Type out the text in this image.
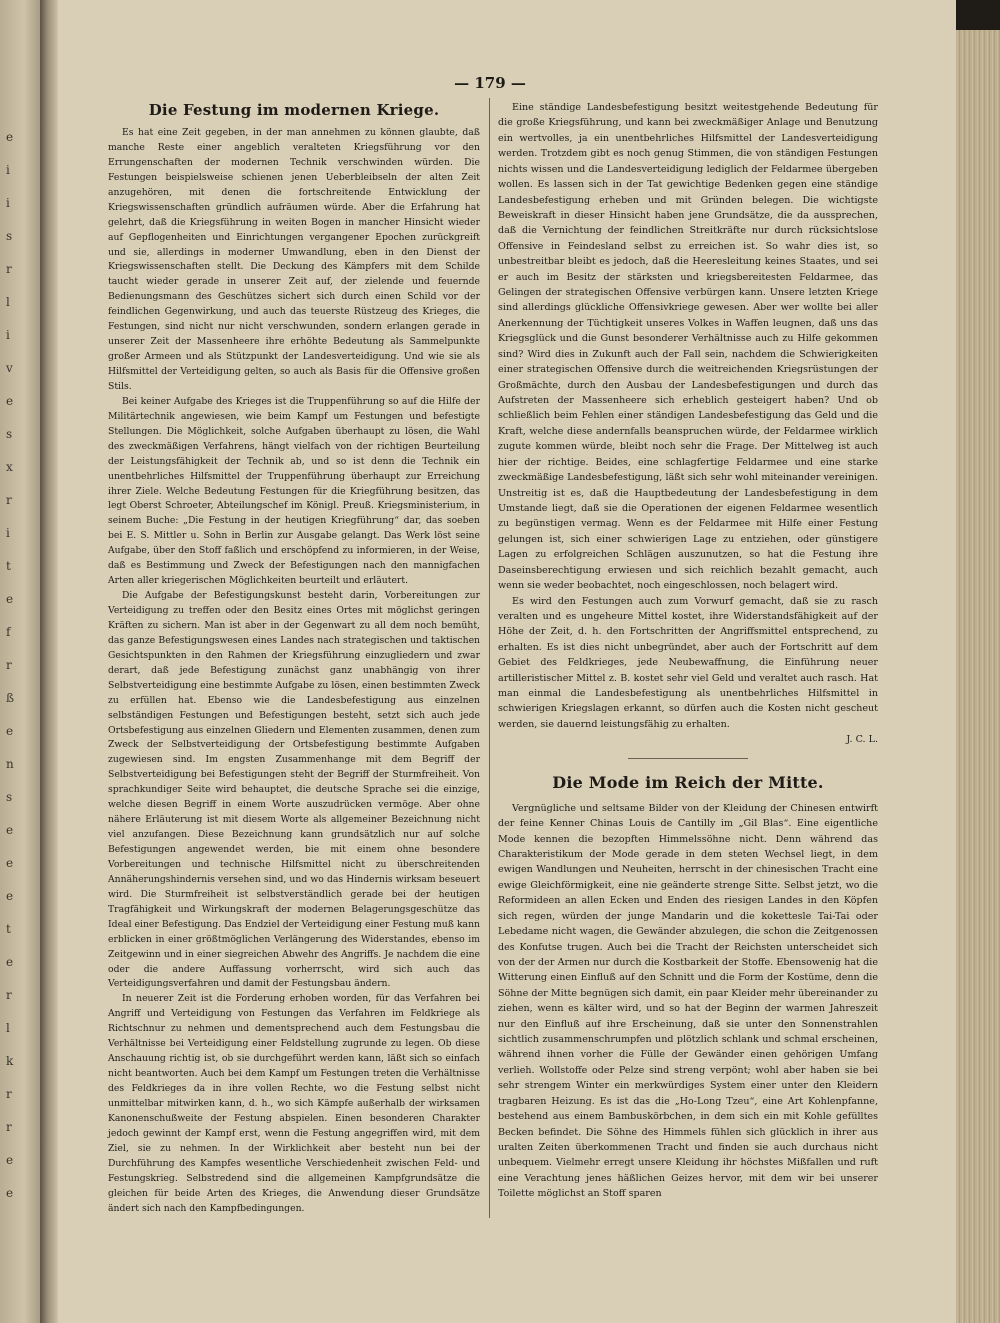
e
i
i
s
r
l
i
v
e
s
x
r
i
t
e
f
r
ß
e
n
s
e
e
e
t
e
r
l
k
r
r
e
e
— 179 —
Die Festung im modernen Kriege.

Es hat eine Zeit gegeben, in der man annehmen zu können glaubte, daß manche Reste einer angeblich veralteten Kriegsführung vor den Errungenschaften der modernen Technik verschwinden würden. Die Festungen beispielsweise schienen jenen Ueberbleibseln der alten Zeit anzugehören, mit denen die fortschreitende Entwicklung der Kriegswissenschaften gründlich aufräumen würde. Aber die Erfahrung hat gelehrt, daß die Kriegsführung in weiten Bogen in mancher Hinsicht wieder auf Gepflogenheiten und Einrichtungen vergangener Epochen zurückgreift und sie, allerdings in moderner Umwandlung, eben in den Dienst der Kriegswissenschaften stellt. Die Deckung des Kämpfers mit dem Schilde taucht wieder gerade in unserer Zeit auf, der zielende und feuernde Bedienungsmann des Geschützes sichert sich durch einen Schild vor der feindlichen Gegenwirkung, und auch das teuerste Rüstzeug des Krieges, die Festungen, sind nicht nur nicht verschwunden, sondern erlangen gerade in unserer Zeit der Massenheere ihre erhöhte Bedeutung als Sammelpunkte großer Armeen und als Stützpunkt der Landesverteidigung. Und wie sie als Hilfsmittel der Verteidigung gelten, so auch als Basis für die Offensive großen Stils.

Bei keiner Aufgabe des Krieges ist die Truppenführung so auf die Hilfe der Militärtechnik angewiesen, wie beim Kampf um Festungen und befestigte Stellungen. Die Möglichkeit, solche Aufgaben überhaupt zu lösen, die Wahl des zweckmäßigen Verfahrens, hängt vielfach von der richtigen Beurteilung der Leistungsfähigkeit der Technik ab, und so ist denn die Technik ein unentbehrliches Hilfsmittel der Truppenführung überhaupt zur Erreichung ihrer Ziele. Welche Bedeutung Festungen für die Kriegführung besitzen, das legt Oberst Schroeter, Abteilungschef im Königl. Preuß. Kriegsministerium, in seinem Buche: „Die Festung in der heutigen Kriegführung“ dar, das soeben bei E. S. Mittler u. Sohn in Berlin zur Ausgabe gelangt. Das Werk löst seine Aufgabe, über den Stoff faßlich und erschöpfend zu informieren, in der Weise, daß es Bestimmung und Zweck der Befestigungen nach den mannigfachen Arten aller kriegerischen Möglichkeiten beurteilt und erläutert.

Die Aufgabe der Befestigungskunst besteht darin, Vorbereitungen zur Verteidigung zu treffen oder den Besitz eines Ortes mit möglichst geringen Kräften zu sichern. Man ist aber in der Gegenwart zu all dem noch bemüht, das ganze Befestigungswesen eines Landes nach strategischen und taktischen Gesichtspunkten in den Rahmen der Kriegsführung einzugliedern und zwar derart, daß jede Befestigung zunächst ganz unabhängig von ihrer Selbstverteidigung eine bestimmte Aufgabe zu lösen, einen bestimmten Zweck zu erfüllen hat. Ebenso wie die Landesbefestigung aus einzelnen selbständigen Festungen und Befestigungen besteht, setzt sich auch jede Ortsbefestigung aus einzelnen Gliedern und Elementen zusammen, denen zum Zweck der Selbstverteidigung der Ortsbefestigung bestimmte Aufgaben zugewiesen sind. Im engsten Zusammenhange mit dem Begriff der Selbstverteidigung bei Befestigungen steht der Begriff der Sturmfreiheit. Von sprachkundiger Seite wird behauptet, die deutsche Sprache sei die einzige, welche diesen Begriff in einem Worte auszudrücken vermöge. Aber ohne nähere Erläuterung ist mit diesem Worte als allgemeiner Bezeichnung nicht viel anzufangen. Diese Bezeichnung kann grundsätzlich nur auf solche Befestigungen angewendet werden, bie mit einem ohne besondere Vorbereitungen und technische Hilfsmittel nicht zu überschreitenden Annäherungshindernis versehen sind, und wo das Hindernis wirksam beseuert wird. Die Sturmfreiheit ist selbstverständlich gerade bei der heutigen Tragfähigkeit und Wirkungskraft der modernen Belagerungsgeschütze das Ideal einer Befestigung. Das Endziel der Verteidigung einer Festung muß kann erblicken in einer größtmöglichen Verlängerung des Widerstandes, ebenso im Zeitgewinn und in einer siegreichen Abwehr des Angriffs. Je nachdem die eine oder die andere Auffassung vorherrscht, wird sich auch das Verteidigungsverfahren und damit der Festungsbau ändern.

In neuerer Zeit ist die Forderung erhoben worden, für das Verfahren bei Angriff und Verteidigung von Festungen das Verfahren im Feldkriege als Richtschnur zu nehmen und dementsprechend auch dem Festungsbau die Verhältnisse bei Verteidigung einer Feldstellung zugrunde zu legen. Ob diese Anschauung richtig ist, ob sie durchgeführt werden kann, läßt sich so einfach nicht beantworten. Auch bei dem Kampf um Festungen treten die Verhältnisse des Feldkrieges da in ihre vollen Rechte, wo die Festung selbst nicht unmittelbar mitwirken kann, d. h., wo sich Kämpfe außerhalb der wirksamen Kanonenschußweite der Festung abspielen. Einen besonderen Charakter jedoch gewinnt der Kampf erst, wenn die Festung angegriffen wird, mit dem Ziel, sie zu nehmen. In der Wirklichkeit aber besteht nun bei der Durchführung des Kampfes wesentliche Verschiedenheit zwischen Feld- und Festungskrieg. Selbstredend sind die allgemeinen Kampfgrundsätze die gleichen für beide Arten des Krieges, die Anwendung dieser Grundsätze ändert sich nach den Kampfbedingungen.

Eine ständige Landesbefestigung besitzt weitestgehende Bedeutung für die große Kriegsführung, und kann bei zweckmäßiger Anlage und Benutzung ein wertvolles, ja ein unentbehrliches Hilfsmittel der Landesverteidigung werden. Trotzdem gibt es noch genug Stimmen, die von ständigen Festungen nichts wissen und die Landesverteidigung lediglich der Feldarmee übergeben wollen. Es lassen sich in der Tat gewichtige Bedenken gegen eine ständige Landesbefestigung erheben und mit Gründen belegen. Die wichtigste Beweiskraft in dieser Hinsicht haben jene Grundsätze, die da aussprechen, daß die Vernichtung der feindlichen Streitkräfte nur durch rücksichtslose Offensive in Feindesland selbst zu erreichen ist. So wahr dies ist, so unbestreitbar bleibt es jedoch, daß die Heeresleitung keines Staates, und sei er auch im Besitz der stärksten und kriegsbereitesten Feldarmee, das Gelingen der strategischen Offensive verbürgen kann. Unsere letzten Kriege sind allerdings glückliche Offensivkriege gewesen. Aber wer wollte bei aller Anerkennung der Tüchtigkeit unseres Volkes in Waffen leugnen, daß uns das Kriegsglück und die Gunst besonderer Verhältnisse auch zu Hilfe gekommen sind? Wird dies in Zukunft auch der Fall sein, nachdem die Schwierigkeiten einer strategischen Offensive durch die weitreichenden Kriegsrüstungen der Großmächte, durch den Ausbau der Landesbefestigungen und durch das Aufstreten der Massenheere sich erheblich gesteigert haben? Und ob schließlich beim Fehlen einer ständigen Landesbefestigung das Geld und die Kraft, welche diese andernfalls beanspruchen würde, der Feldarmee wirklich zugute kommen würde, bleibt noch sehr die Frage. Der Mittelweg ist auch hier der richtige. Beides, eine schlagfertige Feldarmee und eine starke zweckmäßige Landesbefestigung, läßt sich sehr wohl miteinander vereinigen. Unstreitig ist es, daß die Hauptbedeutung der Landesbefestigung in dem Umstande liegt, daß sie die Operationen der eigenen Feldarmee wesentlich zu begünstigen vermag. Wenn es der Feldarmee mit Hilfe einer Festung gelungen ist, sich einer schwierigen Lage zu entziehen, oder günstigere Lagen zu erfolgreichen Schlägen auszunutzen, so hat die Festung ihre Daseinsberechtigung erwiesen und sich reichlich bezahlt gemacht, auch wenn sie weder beobachtet, noch eingeschlossen, noch belagert wird.

Es wird den Festungen auch zum Vorwurf gemacht, daß sie zu rasch veralten und es ungeheure Mittel kostet, ihre Widerstandsfähigkeit auf der Höhe der Zeit, d. h. den Fortschritten der Angriffsmittel entsprechend, zu erhalten. Es ist dies nicht unbegründet, aber auch der Fortschritt auf dem Gebiet des Feldkrieges, jede Neubewaffnung, die Einführung neuer artilleristischer Mittel z. B. kostet sehr viel Geld und veraltet auch rasch. Hat man einmal die Landesbefestigung als unentbehrliches Hilfsmittel in schwierigen Kriegslagen erkannt, so dürfen auch die Kosten nicht gescheut werden, sie dauernd leistungsfähig zu erhalten.

J. C. L.
Die Mode im Reich der Mitte.

Vergnügliche und seltsame Bilder von der Kleidung der Chinesen entwirft der feine Kenner Chinas Louis de Cantilly im „Gil Blas“. Eine eigentliche Mode kennen die bezopften Himmelssöhne nicht. Denn während das Charakteristikum der Mode gerade in dem steten Wechsel liegt, in dem ewigen Wandlungen und Neuheiten, herrscht in der chinesischen Tracht eine ewige Gleichförmigkeit, eine nie geänderte strenge Sitte. Selbst jetzt, wo die Reformideen an allen Ecken und Enden des riesigen Landes in den Köpfen sich regen, würden der junge Mandarin und die kokettesle Tai-Tai oder Lebedame nicht wagen, die Gewänder abzulegen, die schon die Zeitgenossen des Konfutse trugen. Auch bei die Tracht der Reichsten unterscheidet sich von der der Armen nur durch die Kostbarkeit der Stoffe. Ebensowenig hat die Witterung einen Einfluß auf den Schnitt und die Form der Kostüme, denn die Söhne der Mitte begnügen sich damit, ein paar Kleider mehr übereinander zu ziehen, wenn es kälter wird, und so hat der Beginn der warmen Jahreszeit nur den Einfluß auf ihre Erscheinung, daß sie unter den Sonnenstrahlen sichtlich zusammenschrumpfen und plötzlich schlank und schmal erscheinen, während ihnen vorher die Fülle der Gewänder einen gehörigen Umfang verlieh. Wollstoffe oder Pelze sind streng verpönt; wohl aber haben sie bei sehr strengem Winter ein merkwürdiges System einer unter den Kleidern tragbaren Heizung. Es ist das die „Ho-Long Tzeu“, eine Art Kohlenpfanne, bestehend aus einem Bambuskörbchen, in dem sich ein mit Kohle gefülltes Becken befindet. Die Söhne des Himmels fühlen sich glücklich in ihrer aus uralten Zeiten überkommenen Tracht und finden sie auch durchaus nicht unbequem. Vielmehr erregt unsere Kleidung ihr höchstes Mißfallen und ruft eine Verachtung jenes häßlichen Geizes hervor, mit dem wir bei unserer Toilette möglichst an Stoff sparen
